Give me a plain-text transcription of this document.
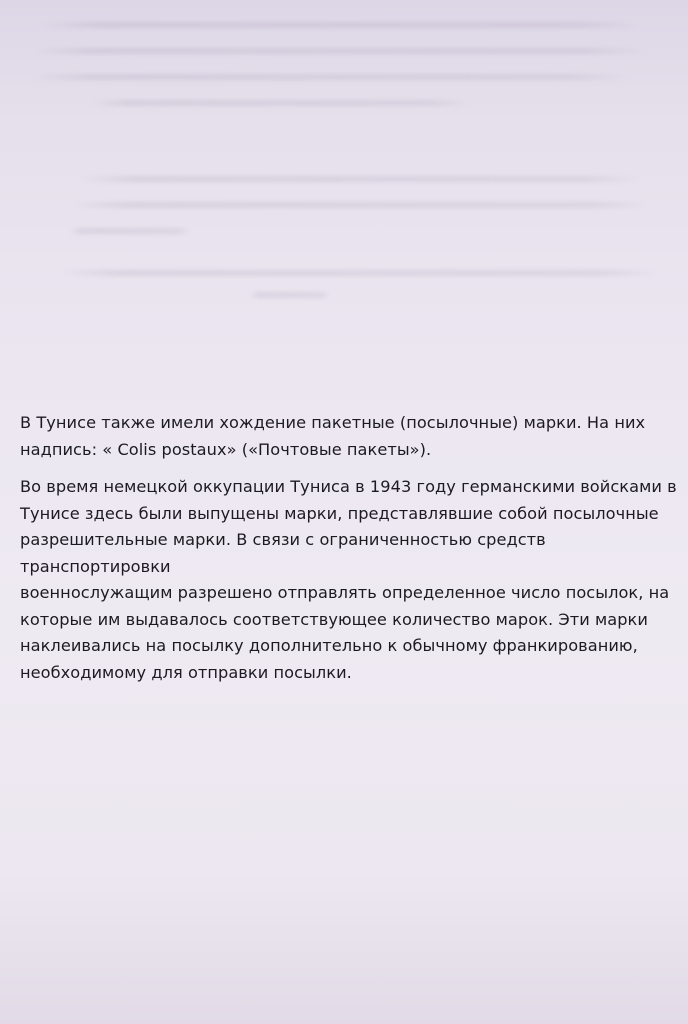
В Тунисе также имели хождение пакетные (посылочные) марки. На них
надпись: « Colis postaux» («Почтовые пакеты»).

Во время немецкой оккупации Туниса в 1943 году германскими войсками в
Тунисе здесь были выпущены марки, представлявшие собой посылочные
разрешительные марки. В связи с ограниченностью средств транспортировки
военнослужащим разрешено отправлять определенное число посылок, на
которые им выдавалось соответствующее количество марок. Эти марки
наклеивались на посылку дополнительно к обычному франкированию,
необходимому для отправки посылки.
